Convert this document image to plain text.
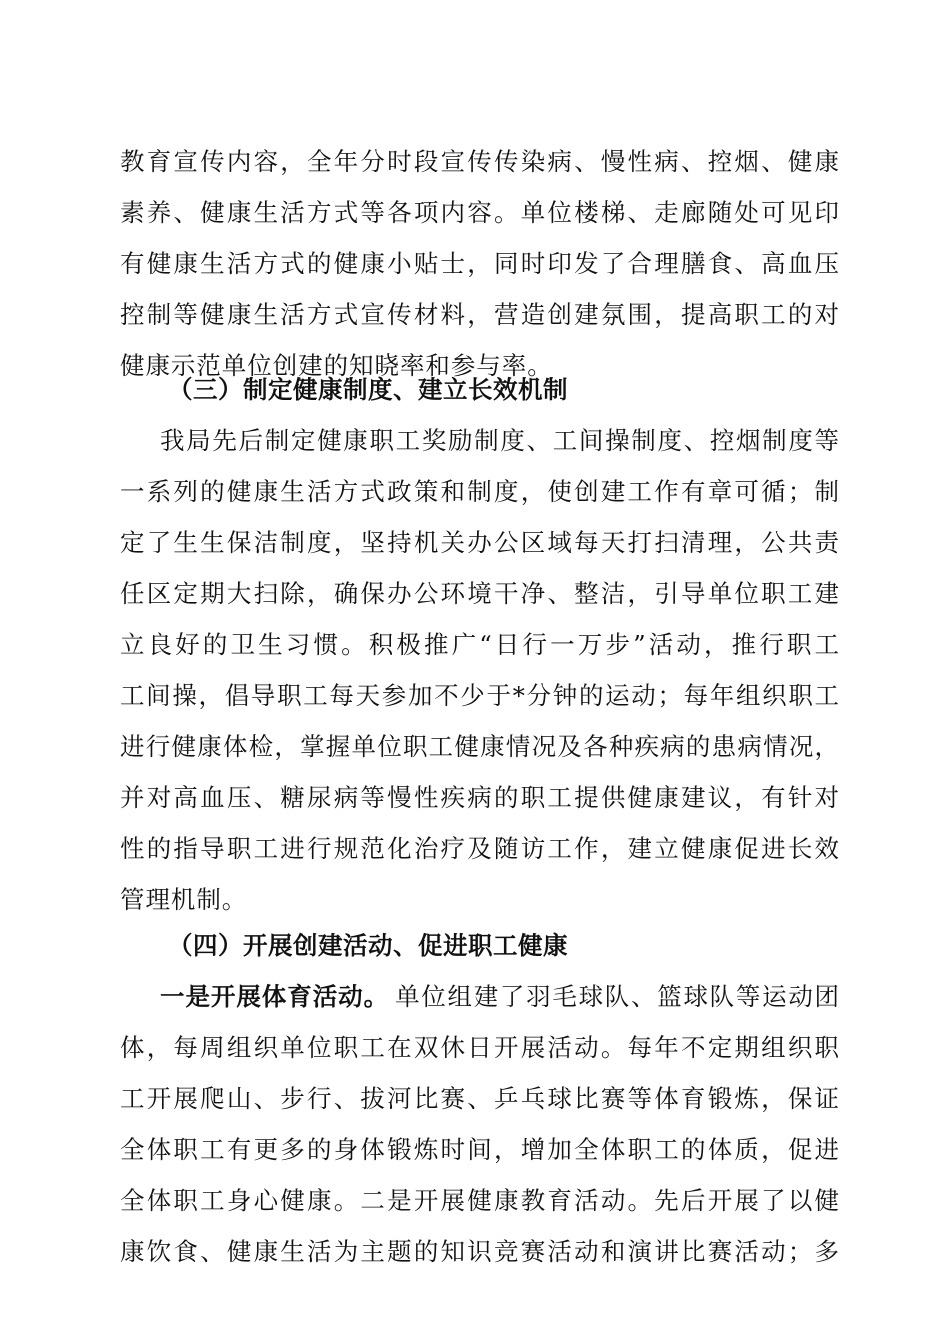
教育宣传内容，全年分时段宣传传染病、慢性病、控烟、健康
素养、健康生活方式等各项内容。单位楼梯、走廊随处可见印
有健康生活方式的健康小贴士，同时印发了合理膳食、高血压
控制等健康生活方式宣传材料，营造创建氛围，提高职工的对
健康示范单位创建的知晓率和参与率。
（三）制定健康制度、建立长效机制
我局先后制定健康职工奖励制度、工间操制度、控烟制度等
一系列的健康生活方式政策和制度，使创建工作有章可循；制
定了生生保洁制度，坚持机关办公区域每天打扫清理，公共责
任区定期大扫除，确保办公环境干净、整洁，引导单位职工建
立良好的卫生习惯。积极推广“日行一万步”活动，推行职工
工间操，倡导职工每天参加不少于*分钟的运动；每年组织职工
进行健康体检，掌握单位职工健康情况及各种疾病的患病情况，
并对高血压、糖尿病等慢性疾病的职工提供健康建议，有针对
性的指导职工进行规范化治疗及随访工作，建立健康促进长效
管理机制。
（四）开展创建活动、促进职工健康
一是开展体育活动。 单位组建了羽毛球队、篮球队等运动团
体，每周组织单位职工在双休日开展活动。每年不定期组织职
工开展爬山、步行、拔河比赛、乒乓球比赛等体育锻炼，保证
全体职工有更多的身体锻炼时间，增加全体职工的体质，促进
全体职工身心健康。二是开展健康教育活动。先后开展了以健
康饮食、健康生活为主题的知识竞赛活动和演讲比赛活动；多
